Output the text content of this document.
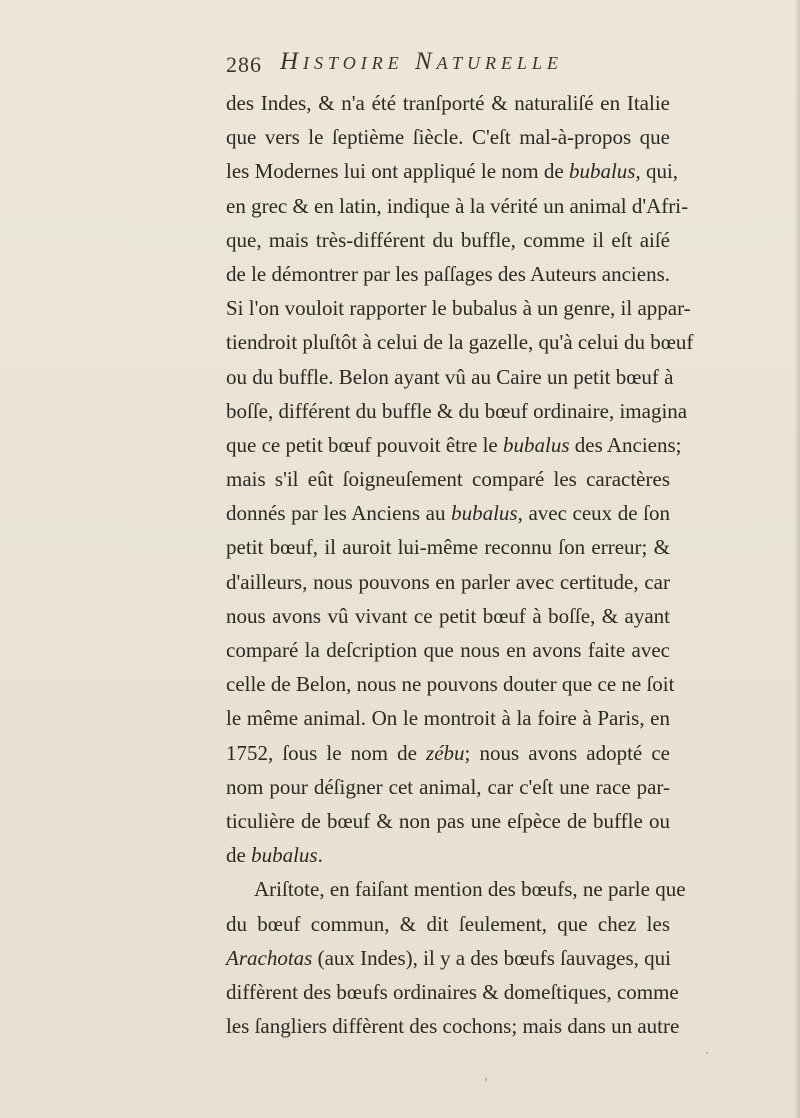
286 Histoire Naturelle
des Indes, & n'a été tranſporté & naturaliſé en Italie
que vers le ſeptième ſiècle. C'eſt mal-à-propos que
les Modernes lui ont appliqué le nom de bubalus, qui,
en grec & en latin, indique à la vérité un animal d'Afri-
que, mais très-différent du buffle, comme il eſt aiſé
de le démontrer par les paſſages des Auteurs anciens.
Si l'on vouloit rapporter le bubalus à un genre, il appar-
tiendroit pluſtôt à celui de la gazelle, qu'à celui du bœuf
ou du buffle. Belon ayant vû au Caire un petit bœuf à
boſſe, différent du buffle & du bœuf ordinaire, imagina
que ce petit bœuf pouvoit être le bubalus des Anciens;
mais s'il eût ſoigneuſement comparé les caractères
donnés par les Anciens au bubalus, avec ceux de ſon
petit bœuf, il auroit lui-même reconnu ſon erreur; &
d'ailleurs, nous pouvons en parler avec certitude, car
nous avons vû vivant ce petit bœuf à boſſe, & ayant
comparé la deſcription que nous en avons faite avec
celle de Belon, nous ne pouvons douter que ce ne ſoit
le même animal. On le montroit à la foire à Paris, en
1752, ſous le nom de zébu; nous avons adopté ce
nom pour déſigner cet animal, car c'eſt une race par-
ticulière de bœuf & non pas une eſpèce de buffle ou
de bubalus.
Ariſtote, en faiſant mention des bœufs, ne parle que
du bœuf commun, & dit ſeulement, que chez les
Arachotas (aux Indes), il y a des bœufs ſauvages, qui
diffèrent des bœufs ordinaires & domeſtiques, comme
les ſangliers diffèrent des cochons; mais dans un autre
